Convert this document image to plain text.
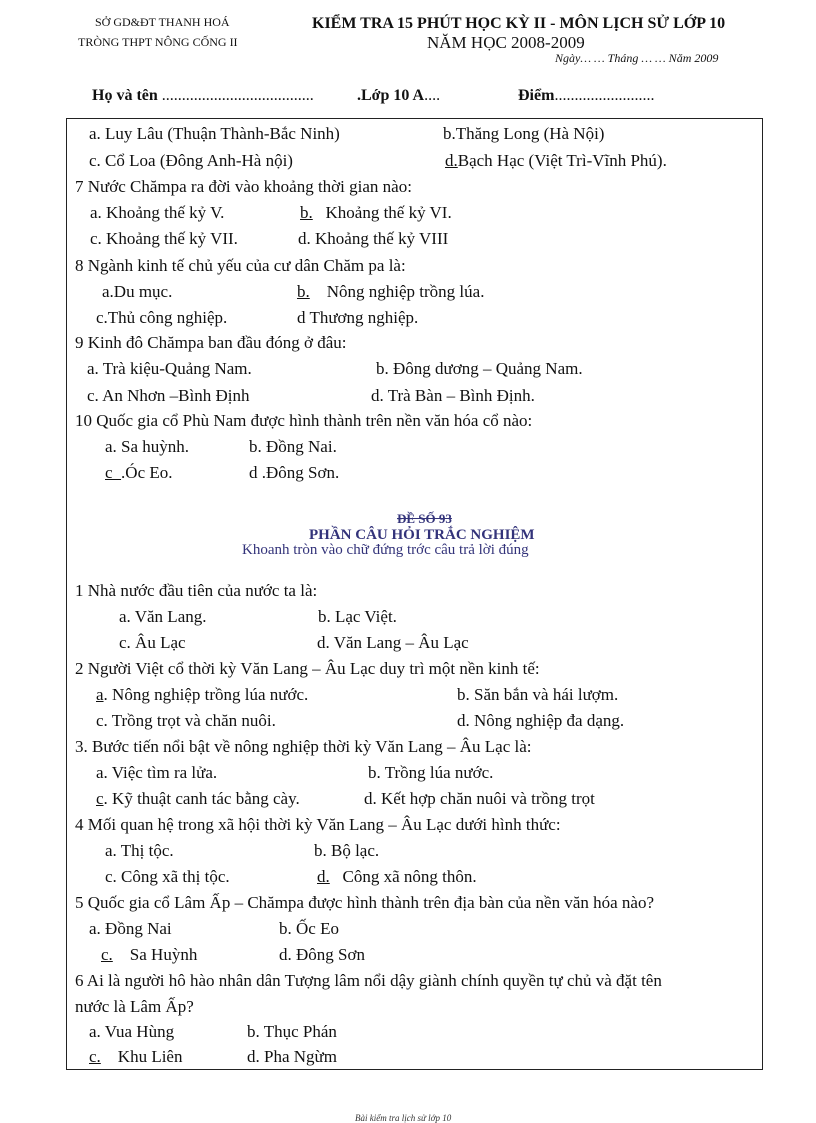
SỞ GD&ĐT THANH HOÁ
TRÒNG THPT NÔNG CỐNG II
KIỂM TRA 15 PHÚT HỌC KỲ II - MÔN LỊCH SỬ LỚP 10
NĂM HỌC 2008-2009
Ngày… … Tháng … … Năm 2009
Họ và tên ......................................	.Lớp 10 A....	Điểm.........................
a. Luy Lâu (Thuận Thành-Bắc Ninh)	b.Thăng Long (Hà Nội)
c. Cổ Loa (Đông Anh-Hà nội)	d.Bạch Hạc (Việt Trì-Vĩnh Phú).
7 Nước Chămpa ra đời vào khoảng thời gian nào:
a. Khoảng thế kỷ V.	b. Khoảng thế kỷ VI.
c. Khoảng thế kỷ VII.	d. Khoảng thế kỷ VIII
8 Ngành kinh tế chủ yếu của cư dân Chăm pa là:
a.Du mục.	b. Nông nghiệp trồng lúa.
c.Thủ công nghiệp.	d Thương nghiệp.
9 Kinh đô Chămpa ban đầu đóng ở đâu:
a. Trà kiệu-Quảng Nam.	b. Đông dương – Quảng Nam.
c. An Nhơn –Bình Định	d. Trà Bàn – Bình Định.
10 Quốc gia cổ Phù Nam được hình thành trên nền văn hóa cổ nào:
a. Sa huỳnh.	b. Đồng Nai.
c  .Óc Eo.	d .Đông Sơn.
ĐỀ SỐ 93
PHẦN CÂU HỎI TRẮC NGHIỆM
Khoanh tròn vào chữ đứng trớc câu trả lời đúng
1 Nhà nước đầu tiên của nước ta là:
a. Văn Lang.	b. Lạc Việt.
c. Âu Lạc	d. Văn Lang – Âu Lạc
2 Người Việt cổ thời kỳ Văn Lang – Âu Lạc duy trì một nền kinh tế:
a. Nông nghiệp trồng lúa nước.	b. Săn bắn và hái lượm.
c. Trồng trọt và chăn nuôi.	d. Nông nghiệp đa dạng.
3. Bước tiến nổi bật về nông nghiệp thời kỳ Văn Lang – Âu Lạc là:
a. Việc tìm ra lửa.	b. Trồng lúa nước.
c. Kỹ thuật canh tác bằng cày.	d. Kết hợp chăn nuôi và trồng trọt
4 Mối quan hệ trong xã hội thời kỳ Văn Lang – Âu Lạc dưới hình thức:
a. Thị tộc.	b. Bộ lạc.
c. Công xã thị tộc.	d. Công xã nông thôn.
5 Quốc gia cổ Lâm Ấp – Chămpa được hình thành trên địa bàn của nền văn hóa nào?
a. Đồng Nai	b. Ốc Eo
c. Sa Huỳnh	d. Đông Sơn
6 Ai là người hô hào nhân dân Tượng lâm nổi dậy giành chính quyền tự chủ và đặt tên
nước là Lâm Ấp?
a. Vua Hùng	b. Thục Phán
c. Khu Liên	d. Pha Ngừm
Bài kiểm tra lịch sử lớp 10
